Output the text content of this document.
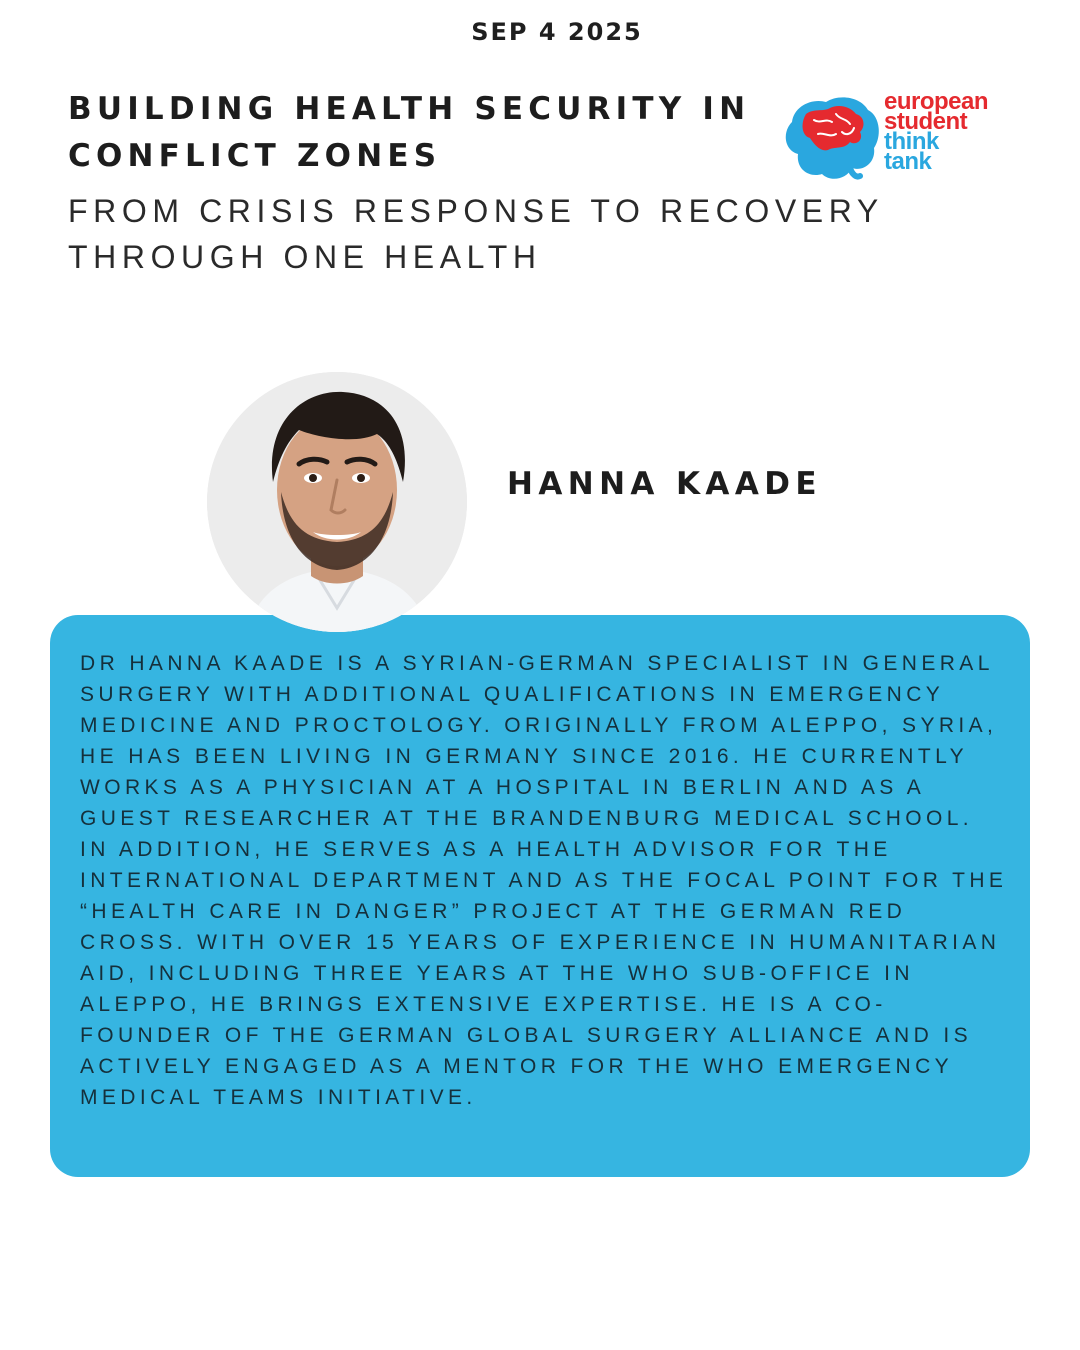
SEP 4 2025
BUILDING HEALTH SECURITY IN CONFLICT ZONES
FROM CRISIS RESPONSE TO RECOVERY THROUGH ONE HEALTH
european
student
think
tank
HANNA KAADE

DR HANNA KAADE IS A SYRIAN-GERMAN SPECIALIST IN GENERAL SURGERY WITH ADDITIONAL QUALIFICATIONS IN EMERGENCY MEDICINE AND PROCTOLOGY. ORIGINALLY FROM ALEPPO, SYRIA, HE HAS BEEN LIVING IN GERMANY SINCE 2016. HE CURRENTLY WORKS AS A PHYSICIAN AT A HOSPITAL IN BERLIN AND AS A GUEST RESEARCHER AT THE BRANDENBURG MEDICAL SCHOOL. IN ADDITION, HE SERVES AS A HEALTH ADVISOR FOR THE INTERNATIONAL DEPARTMENT AND AS THE FOCAL POINT FOR THE “HEALTH CARE IN DANGER” PROJECT AT THE GERMAN RED CROSS. WITH OVER 15 YEARS OF EXPERIENCE IN HUMANITARIAN AID, INCLUDING THREE YEARS AT THE WHO SUB-OFFICE IN ALEPPO, HE BRINGS EXTENSIVE EXPERTISE. HE IS A CO-FOUNDER OF THE GERMAN GLOBAL SURGERY ALLIANCE AND IS ACTIVELY ENGAGED AS A MENTOR FOR THE WHO EMERGENCY MEDICAL TEAMS INITIATIVE.
